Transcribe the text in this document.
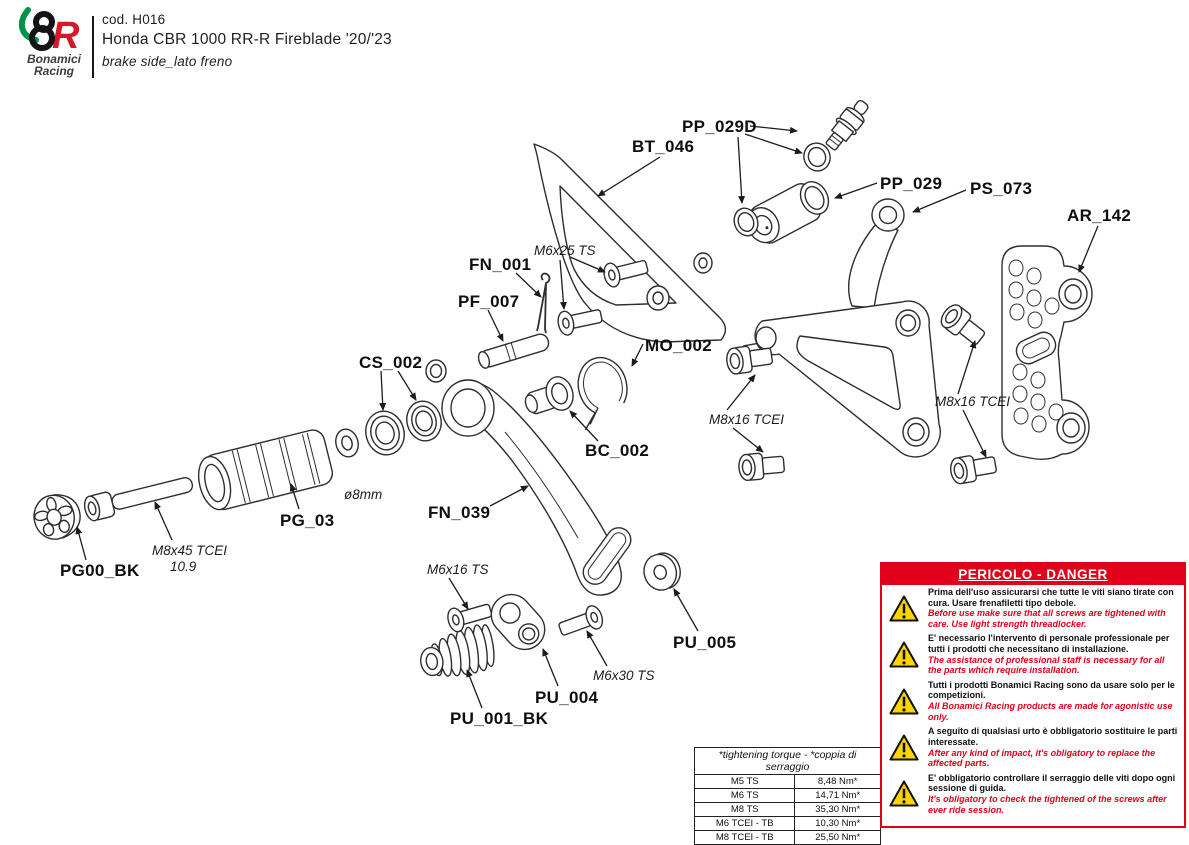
PP_029D
BT_046
PP_029 PS_073
AR_142
FN_001
PF_007
CS_002
MO_002
BC_002
FN_039
PG_03
PG00_BK
PU_005
PU_004
PU_001_BK
M6x25 TS
M8x16 TCEI
M8x16 TCEI
ø8mm
M8x45 TCEI
10.9	M6x16 TS
M6x30 TS
R
Bonamici
Racing
cod. H016
Honda CBR 1000 RR-R Fireblade '20/'23
brake side_lato freno
*tightening torque - *coppia di serraggio	
M5 TS	8,48 Nm*
M6 TS	14,71 Nm*
M8 TS	35,30 Nm*
M6 TCEI - TB	10,30 Nm*
M8 TCEI - TB	25,50 Nm*
PERICOLO - DANGER
Prima dell'uso assicurarsi che tutte le viti siano tirate con cura. Usare frenafiletti tipo debole.
Before use make sure that all screws are tightened with care. Use light strength threadlocker.
E' necessario l'intervento di personale professionale per tutti i prodotti che necessitano di installazione.
The assistance of professional staff is necessary for all the parts which require installation.
Tutti i prodotti Bonamici Racing sono da usare solo per le competizioni.
All Bonamici Racing products are made for agonistic use only.
A seguito di qualsiasi urto è obbligatorio sostituire le parti interessate.
After any kind of impact, it's obligatory to replace the affected parts.
E' obbligatorio controllare il serraggio delle viti dopo ogni sessione di guida.
It's obligatory to check the tightened of the screws after ever ride session.
